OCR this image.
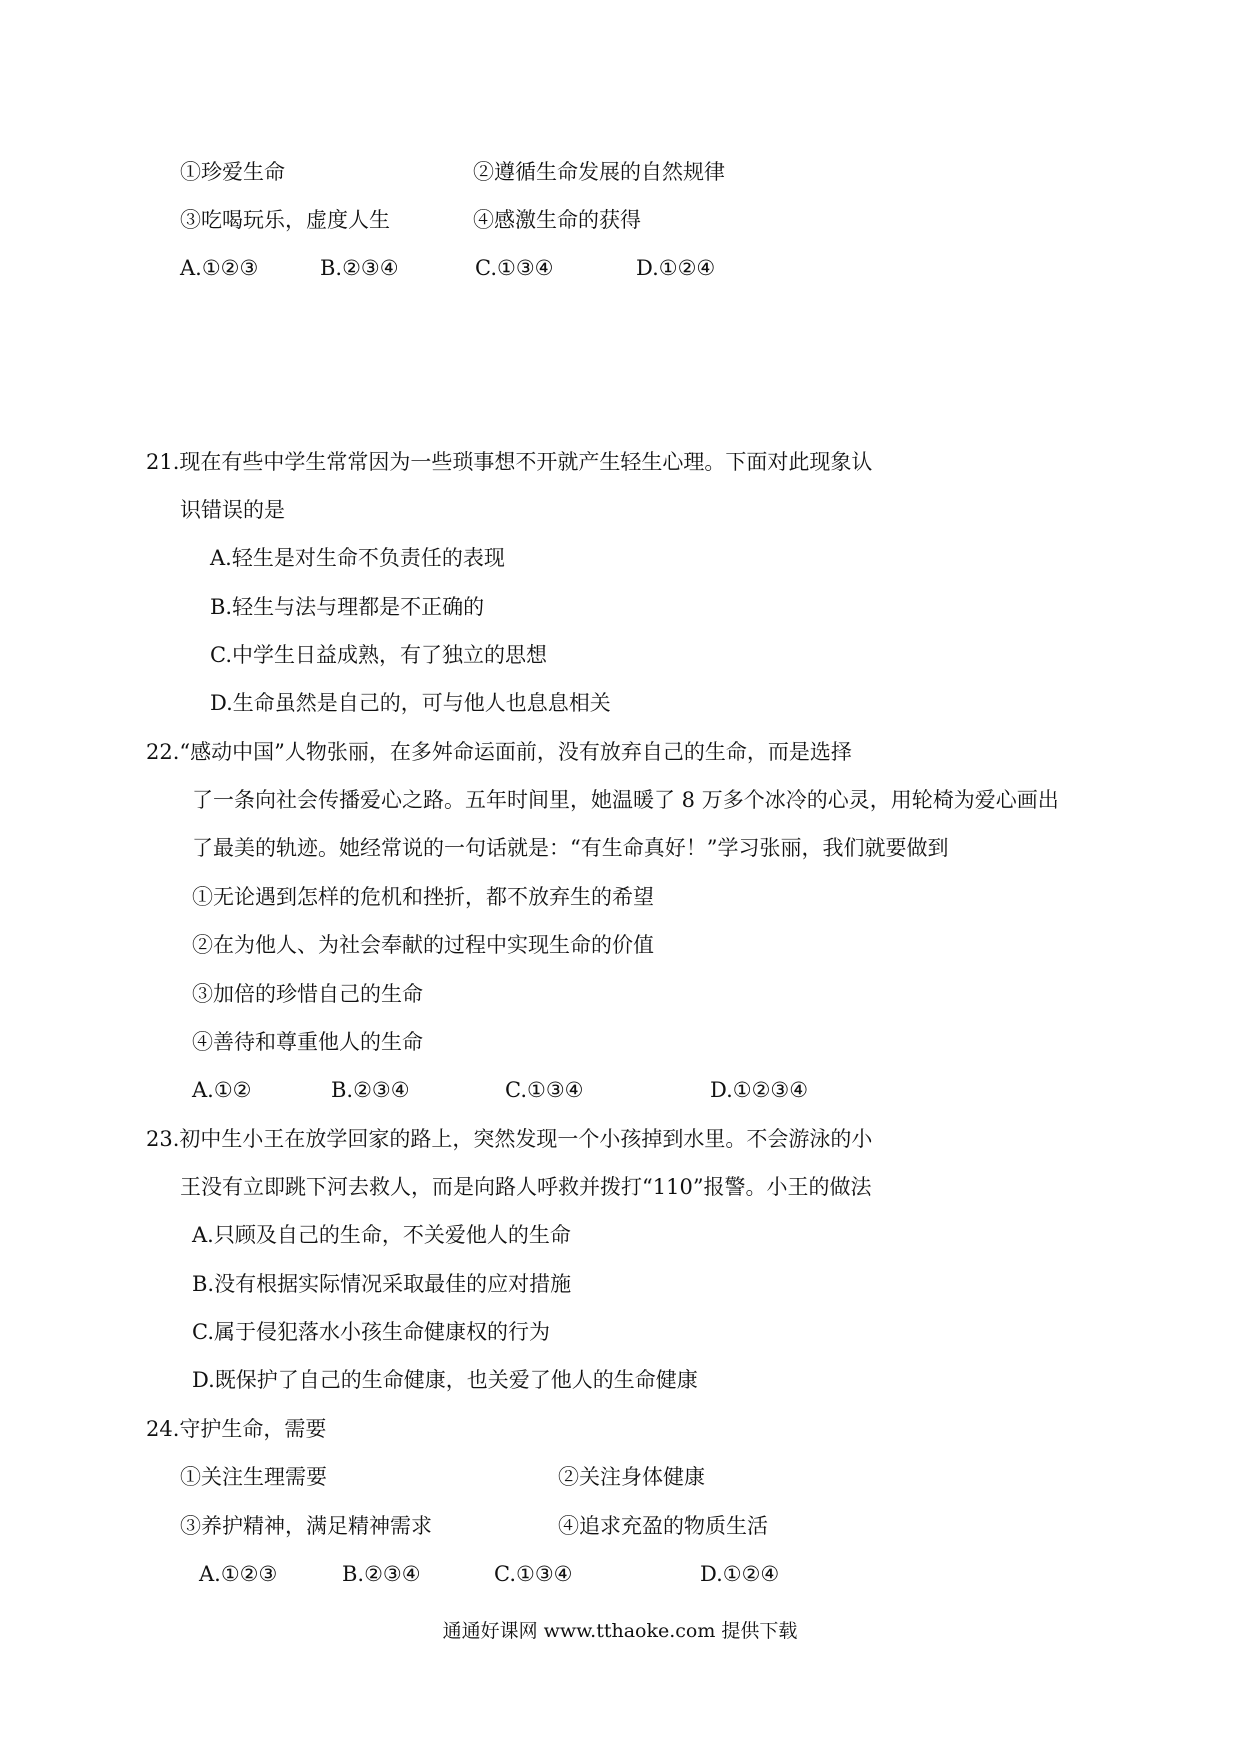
①珍爱生命	②遵循生命发展的自然规律
③吃喝玩乐，虚度人生	④感激生命的获得
A.①②③	B.②③④	C.①③④	D.①②④
21.现在有些中学生常常因为一些琐事想不开就产生轻生心理。下面对此现象认
识错误的是
A.轻生是对生命不负责任的表现
B.轻生与法与理都是不正确的
C.中学生日益成熟，有了独立的思想
D.生命虽然是自己的，可与他人也息息相关
22.“感动中国”人物张丽，在多舛命运面前，没有放弃自己的生命，而是选择
了一条向社会传播爱心之路。五年时间里，她温暖了 8 万多个冰冷的心灵，用轮椅为爱心画出
了最美的轨迹。她经常说的一句话就是：“有生命真好！”学习张丽，我们就要做到
①无论遇到怎样的危机和挫折，都不放弃生的希望
②在为他人、为社会奉献的过程中实现生命的价值
③加倍的珍惜自己的生命
④善待和尊重他人的生命
A.①②	B.②③④	C.①③④	D.①②③④
23.初中生小王在放学回家的路上，突然发现一个小孩掉到水里。不会游泳的小
王没有立即跳下河去救人，而是向路人呼救并拨打“110”报警。小王的做法
A.只顾及自己的生命，不关爱他人的生命
B.没有根据实际情况采取最佳的应对措施
C.属于侵犯落水小孩生命健康权的行为
D.既保护了自己的生命健康，也关爱了他人的生命健康
24.守护生命，需要
①关注生理需要	②关注身体健康
③养护精神，满足精神需求	④追求充盈的物质生活
A.①②③	B.②③④	C.①③④	D.①②④
通通好课网 www.tthaoke.com 提供下载
